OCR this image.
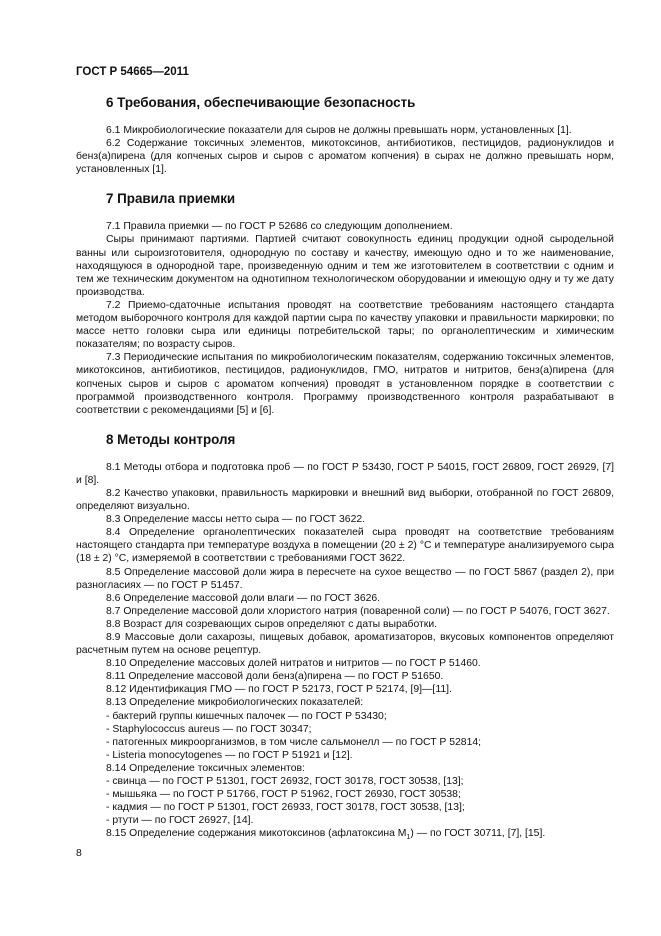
ГОСТ Р 54665—2011
6 Требования, обеспечивающие безопасность

6.1 Микробиологические показатели для сыров не должны превышать норм, установленных [1].

6.2 Содержание токсичных элементов, микотоксинов, антибиотиков, пестицидов, радионуклидов и бенз(а)пирена (для копченых сыров и сыров с ароматом копчения) в сырах не должно превышать норм, установленных [1].

7 Правила приемки

7.1 Правила приемки — по ГОСТ Р 52686 со следующим дополнением.

Сыры принимают партиями. Партией считают совокупность единиц продукции одной сыродельной ванны или сыроизготовителя, однородную по составу и качеству, имеющую одно и то же наименование, находящуюся в однородной таре, произведенную одним и тем же изготовителем в соответствии с одним и тем же техническим документом на однотипном технологическом оборудовании и имеющую одну и ту же дату производства.

7.2 Приемо-сдаточные испытания проводят на соответствие требованиям настоящего стандарта методом выборочного контроля для каждой партии сыра по качеству упаковки и правильности маркировки; по массе нетто головки сыра или единицы потребительской тары; по органолептическим и химическим показателям; по возрасту сыров.

7.3 Периодические испытания по микробиологическим показателям, содержанию токсичных элементов, микотоксинов, антибиотиков, пестицидов, радионуклидов, ГМО, нитратов и нитритов, бенз(а)пирена (для копченых сыров и сыров с ароматом копчения) проводят в установленном порядке в соответствии с программой производственного контроля. Программу производственного контроля разрабатывают в соответствии с рекомендациями [5] и [6].

8 Методы контроля

8.1 Методы отбора и подготовка проб — по ГОСТ Р 53430, ГОСТ Р 54015, ГОСТ 26809, ГОСТ 26929, [7] и [8].

8.2 Качество упаковки, правильность маркировки и внешний вид выборки, отобранной по ГОСТ 26809, определяют визуально.

8.3 Определение массы нетто сыра — по ГОСТ 3622.

8.4 Определение органолептических показателей сыра проводят на соответствие требованиям настоящего стандарта при температуре воздуха в помещении (20 ± 2) °С и температуре анализируемого сыра (18 ± 2) °С, измеряемой в соответствии с требованиями ГОСТ 3622.

8.5 Определение массовой доли жира в пересчете на сухое вещество — по ГОСТ 5867 (раздел 2), при разногласиях — по ГОСТ Р 51457.

8.6 Определение массовой доли влаги — по ГОСТ 3626.

8.7 Определение массовой доли хлористого натрия (поваренной соли) — по ГОСТ Р 54076, ГОСТ 3627.

8.8 Возраст для созревающих сыров определяют с даты выработки.

8.9 Массовые доли сахарозы, пищевых добавок, ароматизаторов, вкусовых компонентов определяют расчетным путем на основе рецептур.

8.10 Определение массовых долей нитратов и нитритов — по ГОСТ Р 51460.

8.11 Определение массовой доли бенз(а)пирена — по ГОСТ Р 51650.

8.12 Идентификация ГМО — по ГОСТ Р 52173, ГОСТ Р 52174, [9]—[11].

8.13 Определение микробиологических показателей:

- бактерий группы кишечных палочек — по ГОСТ Р 53430;

- Staphylococcus aureus — по ГОСТ 30347;

- патогенных микроорганизмов, в том числе сальмонелл — по ГОСТ Р 52814;

- Listeria monocytogenes — по ГОСТ Р 51921 и [12].

8.14 Определение токсичных элементов:

- свинца — по ГОСТ Р 51301, ГОСТ 26932, ГОСТ 30178, ГОСТ 30538, [13];

- мышьяка — по ГОСТ Р 51766, ГОСТ Р 51962, ГОСТ 26930, ГОСТ 30538;

- кадмия — по ГОСТ Р 51301, ГОСТ 26933, ГОСТ 30178, ГОСТ 30538, [13];

- ртути — по ГОСТ 26927, [14].

8.15 Определение содержания микотоксинов (афлатоксина $M_1$) — по ГОСТ 30711, [7], [15].

8
